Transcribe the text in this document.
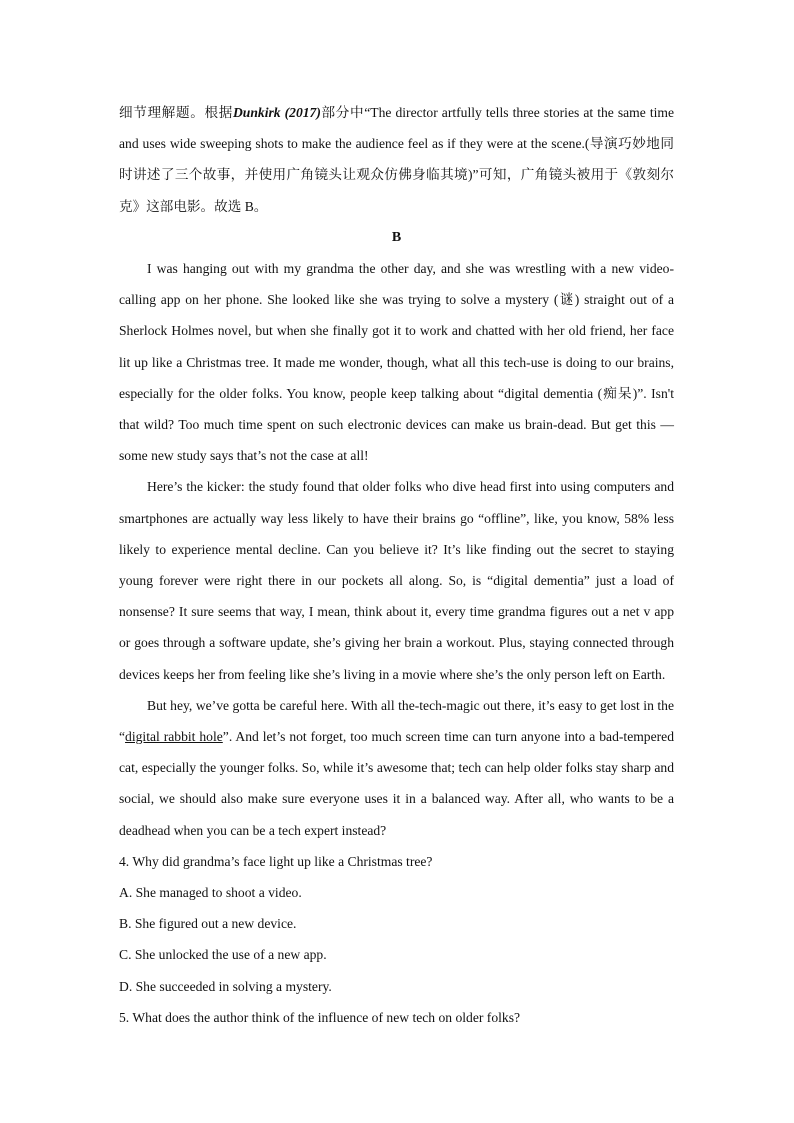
细节理解题。根据Dunkirk (2017)部分中“The director artfully tells three stories at the same time and uses wide sweeping shots to make the audience feel as if they were at the scene.(导演巧妙地同时讲述了三个故事，并使用广角镜头让观众仿佛身临其境)”可知，广角镜头被用于《敦刻尔克》这部电影。故选 B。

B

I was hanging out with my grandma the other day, and she was wrestling with a new video-calling app on her phone. She looked like she was trying to solve a mystery (谜) straight out of a Sherlock Holmes novel, but when she finally got it to work and chatted with her old friend, her face lit up like a Christmas tree. It made me wonder, though, what all this tech-use is doing to our brains, especially for the older folks. You know, people keep talking about “digital dementia (痴呆)”. Isn't that wild? Too much time spent on such electronic devices can make us brain-dead. But get this — some new study says that’s not the case at all!

Here’s the kicker: the study found that older folks who dive head first into using computers and smartphones are actually way less likely to have their brains go “offline”, like, you know, 58% less likely to experience mental decline. Can you believe it? It’s like finding out the secret to staying young forever were right there in our pockets all along. So, is “digital dementia” just a load of nonsense? It sure seems that way, I mean, think about it, every time grandma figures out a net v app or goes through a software update, she’s giving her brain a workout. Plus, staying connected through devices keeps her from feeling like she’s living in a movie where she’s the only person left on Earth.

But hey, we’ve gotta be careful here. With all the-tech-magic out there, it’s easy to get lost in the “digital rabbit hole”. And let’s not forget, too much screen time can turn anyone into a bad-tempered cat, especially the younger folks. So, while it’s awesome that; tech can help older folks stay sharp and social, we should also make sure everyone uses it in a balanced way. After all, who wants to be a deadhead when you can be a tech expert instead?

4. Why did grandma’s face light up like a Christmas tree?

A. She managed to shoot a video.

B. She figured out a new device.

C. She unlocked the use of a new app.

D. She succeeded in solving a mystery.

5. What does the author think of the influence of new tech on older folks?
